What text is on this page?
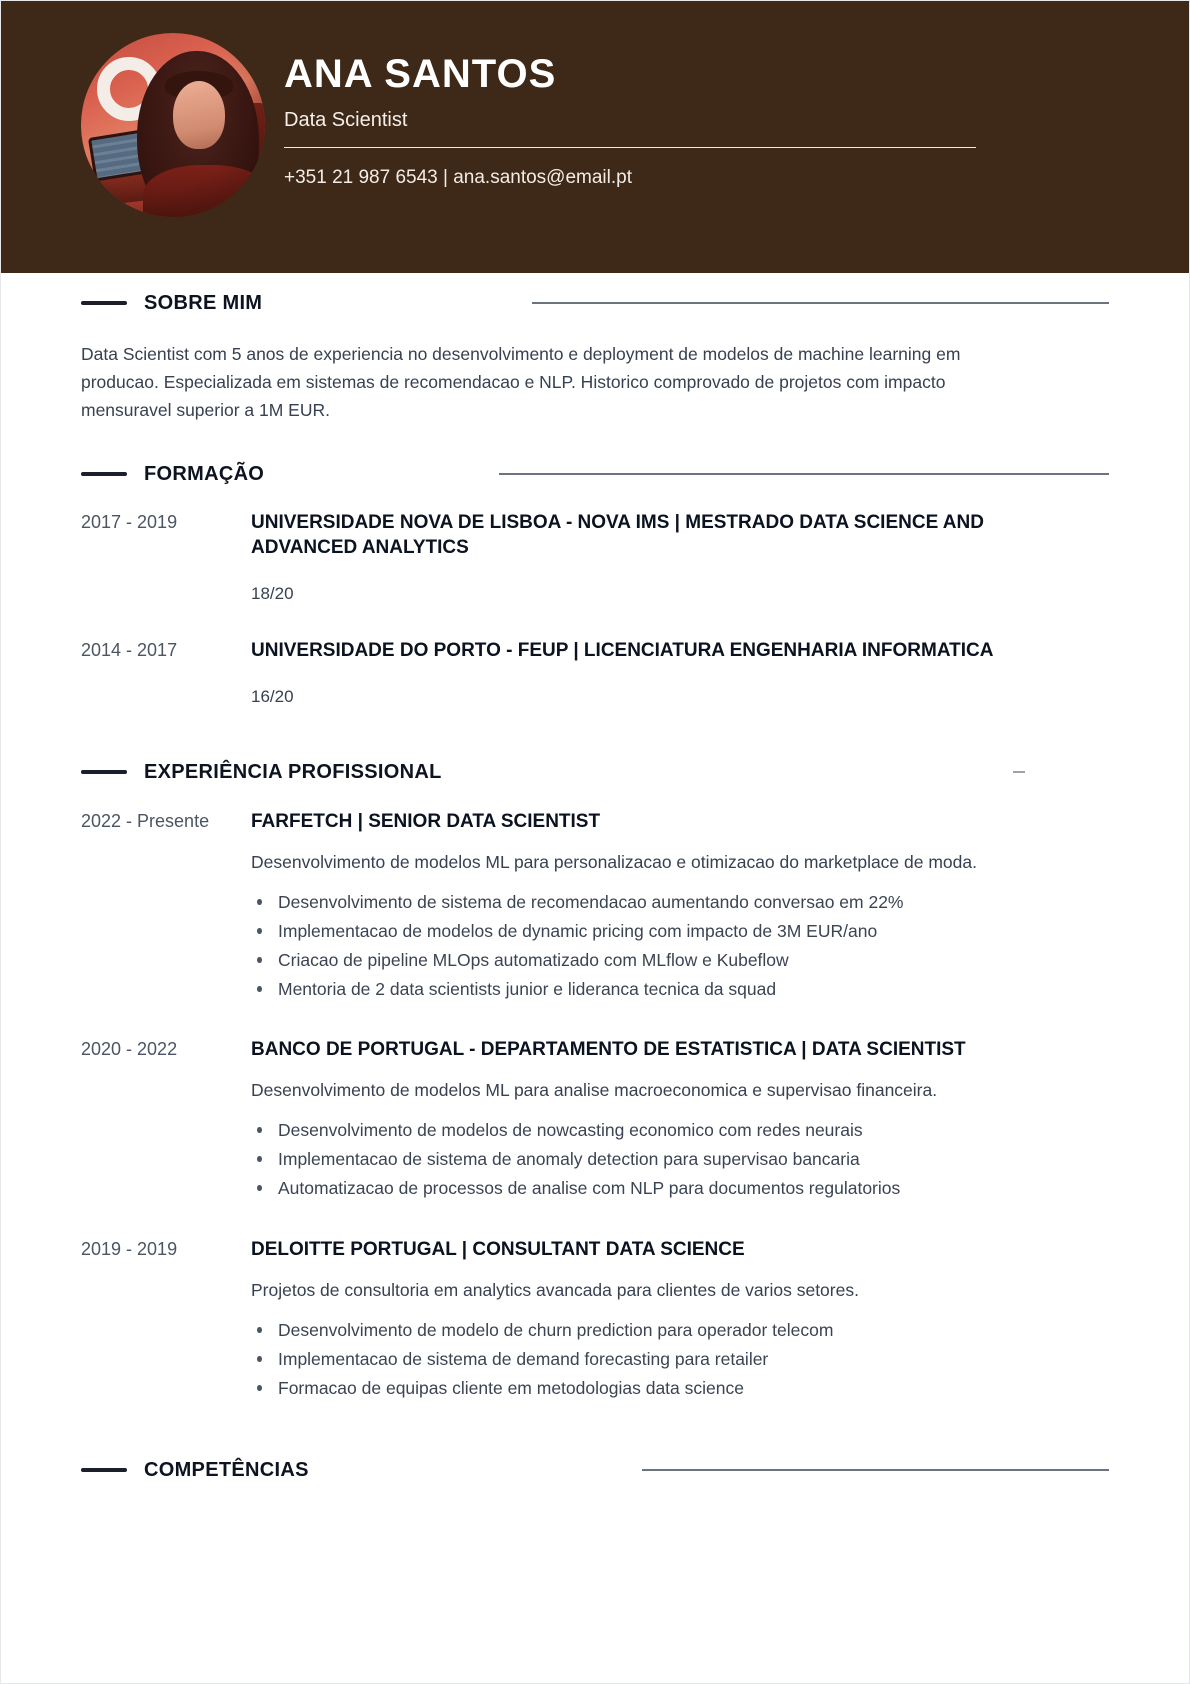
ANA SANTOS
Data Scientist
+351 21 987 6543 | ana.santos@email.pt
SOBRE MIM

Data Scientist com 5 anos de experiencia no desenvolvimento e deployment de modelos de machine learning em producao. Especializada em sistemas de recomendacao e NLP. Historico comprovado de projetos com impacto mensuravel superior a 1M EUR.

FORMAÇÃO
2017 - 2019	UNIVERSIDADE NOVA DE LISBOA - NOVA IMS | MESTRADO DATA SCIENCE AND ADVANCED ANALYTICS
18/20
2014 - 2017	UNIVERSIDADE DO PORTO - FEUP | LICENCIATURA ENGENHARIA INFORMATICA
16/20
EXPERIÊNCIA PROFISSIONAL
2022 - Presente	FARFETCH | SENIOR DATA SCIENTIST

Desenvolvimento de modelos ML para personalizacao e otimizacao do marketplace de moda.

Desenvolvimento de sistema de recomendacao aumentando conversao em 22%
Implementacao de modelos de dynamic pricing com impacto de 3M EUR/ano
Criacao de pipeline MLOps automatizado com MLflow e Kubeflow
Mentoria de 2 data scientists junior e lideranca tecnica da squad
2020 - 2022	BANCO DE PORTUGAL - DEPARTAMENTO DE ESTATISTICA | DATA SCIENTIST

Desenvolvimento de modelos ML para analise macroeconomica e supervisao financeira.

Desenvolvimento de modelos de nowcasting economico com redes neurais
Implementacao de sistema de anomaly detection para supervisao bancaria
Automatizacao de processos de analise com NLP para documentos regulatorios
2019 - 2019	DELOITTE PORTUGAL | CONSULTANT DATA SCIENCE

Projetos de consultoria em analytics avancada para clientes de varios setores.

Desenvolvimento de modelo de churn prediction para operador telecom
Implementacao de sistema de demand forecasting para retailer
Formacao de equipas cliente em metodologias data science
COMPETÊNCIAS
